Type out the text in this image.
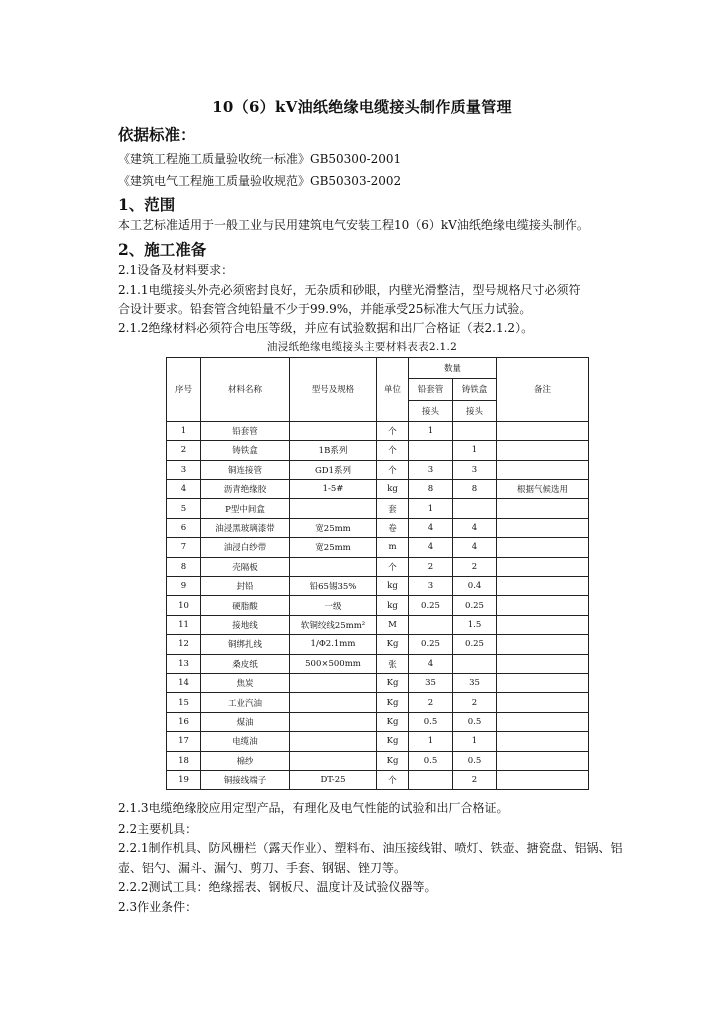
10（6）kV油纸绝缘电缆接头制作质量管理
依据标准：
《建筑工程施工质量验收统一标准》GB50300-2001
《建筑电气工程施工质量验收规范》GB50303-2002
1、范围
本工艺标准适用于一般工业与民用建筑电气安装工程10（6）kV油纸绝缘电缆接头制作。
2、施工准备
2.1设备及材料要求：
2.1.1电缆接头外壳必须密封良好，无杂质和砂眼，内壁光滑整洁，型号规格尺寸必须符
合设计要求。铅套管含纯铅量不少于99.9%，并能承受25标准大气压力试验。
2.1.2绝缘材料必须符合电压等级，并应有试验数据和出厂合格证（表2.1.2）。
油浸纸绝缘电缆接头主要材料表表2.1.2
序号	材料名称	型号及规格	单位	数量		备注
				铅套管	铸铁盒	
				接头	接头	
1	铅套管		个	1		
2	铸铁盒	1B系列	个		1	
3	铜连接管	GD1系列	个	3	3	
4	沥青绝缘胶	1-5#	kg	8	8	根据气候选用
5	P型中间盒		套	1		
6	油浸黑玻璃漆带	宽25mm	卷	4	4	
7	油浸白纱带	宽25mm	m	4	4	
8	壳隔板		个	2	2	
9	封铅	铅65锡35%	kg	3	0.4	
10	硬脂酸	一级	kg	0.25	0.25	
11	接地线	软铜绞线25mm²	M		1.5	
12	铜绑扎线	1/Φ2.1mm	Kg	0.25	0.25	
13	桑皮纸	500×500mm	张	4		
14	焦炭		Kg	35	35	
15	工业汽油		Kg	2	2	
16	煤油		Kg	0.5	0.5	
17	电缆油		Kg	1	1	
18	棉纱		Kg	0.5	0.5	
19	铜接线端子	DT-25	个		2	
2.1.3电缆绝缘胶应用定型产品，有理化及电气性能的试验和出厂合格证。
2.2主要机具：
2.2.1制作机具、防风栅栏（露天作业）、塑料布、油压接线钳、喷灯、铁壶、搪瓷盘、铝锅、铝
壶、铝勺、漏斗、漏勺、剪刀、手套、钢锯、锉刀等。
2.2.2测试工具：绝缘摇表、钢板尺、温度计及试验仪器等。
2.3作业条件：
